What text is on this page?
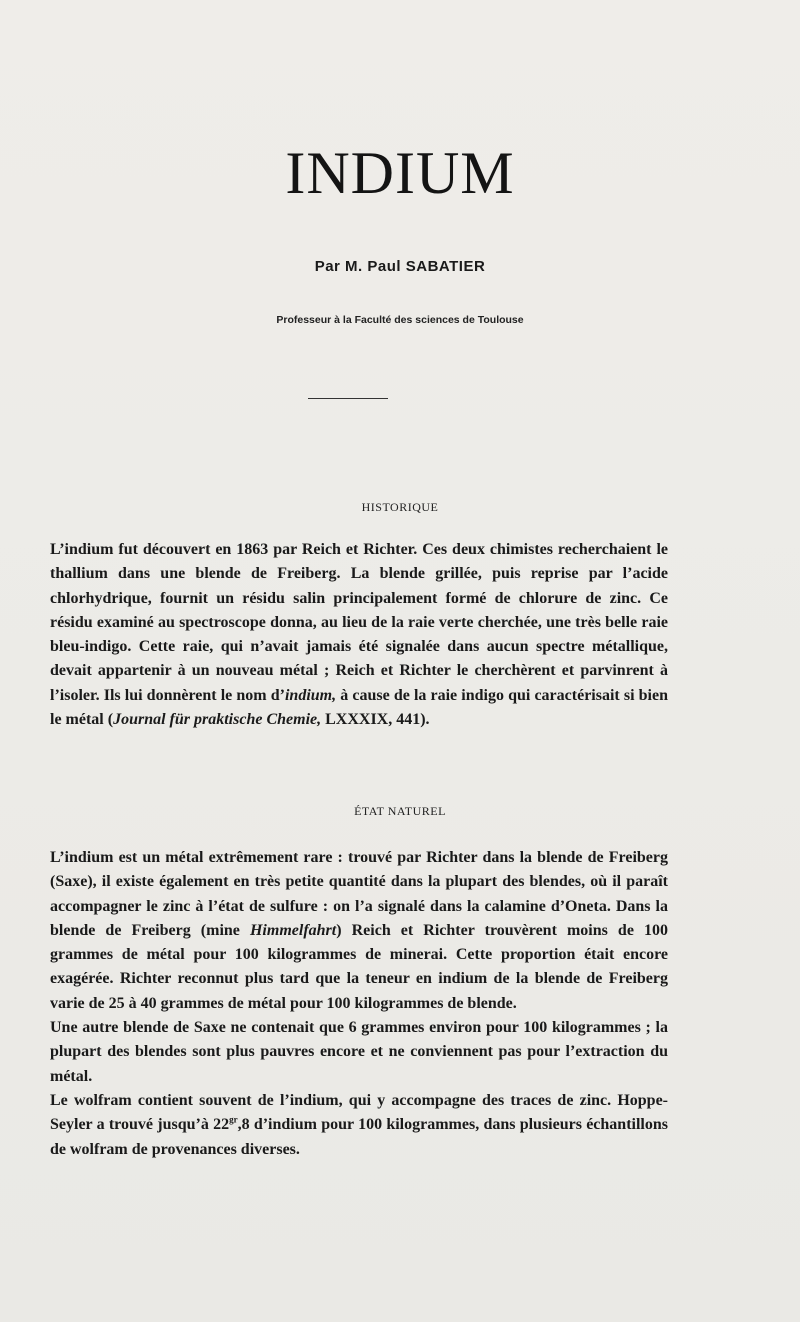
INDIUM
Par M. Paul SABATIER
Professeur à la Faculté des sciences de Toulouse
HISTORIQUE

L’indium fut découvert en 1863 par Reich et Richter. Ces deux chimistes recherchaient le thallium dans une blende de Freiberg. La blende grillée, puis reprise par l’acide chlorhydrique, fournit un résidu salin principalement formé de chlorure de zinc. Ce résidu examiné au spectroscope donna, au lieu de la raie verte cherchée, une très belle raie bleu-indigo. Cette raie, qui n’avait jamais été signalée dans aucun spectre métallique, devait appartenir à un nouveau métal ; Reich et Richter le cherchèrent et parvinrent à l’isoler. Ils lui donnèrent le nom d’indium, à cause de la raie indigo qui caractérisait si bien le métal (Journal für praktische Chemie, LXXXIX, 441).

ÉTAT NATUREL

L’indium est un métal extrêmement rare : trouvé par Richter dans la blende de Freiberg (Saxe), il existe également en très petite quantité dans la plupart des blendes, où il paraît accompagner le zinc à l’état de sulfure : on l’a signalé dans la calamine d’Oneta. Dans la blende de Freiberg (mine Himmelfahrt) Reich et Richter trouvèrent moins de 100 grammes de métal pour 100 kilogrammes de minerai. Cette proportion était encore exagérée. Richter reconnut plus tard que la teneur en indium de la blende de Freiberg varie de 25 à 40 grammes de métal pour 100 kilogrammes de blende.

Une autre blende de Saxe ne contenait que 6 grammes environ pour 100 kilogrammes ; la plupart des blendes sont plus pauvres encore et ne conviennent pas pour l’extraction du métal.

Le wolfram contient souvent de l’indium, qui y accompagne des traces de zinc. Hoppe-Seyler a trouvé jusqu’à $22^{gr},8$ d’indium pour 100 kilogrammes, dans plusieurs échantillons de wolfram de provenances diverses.
